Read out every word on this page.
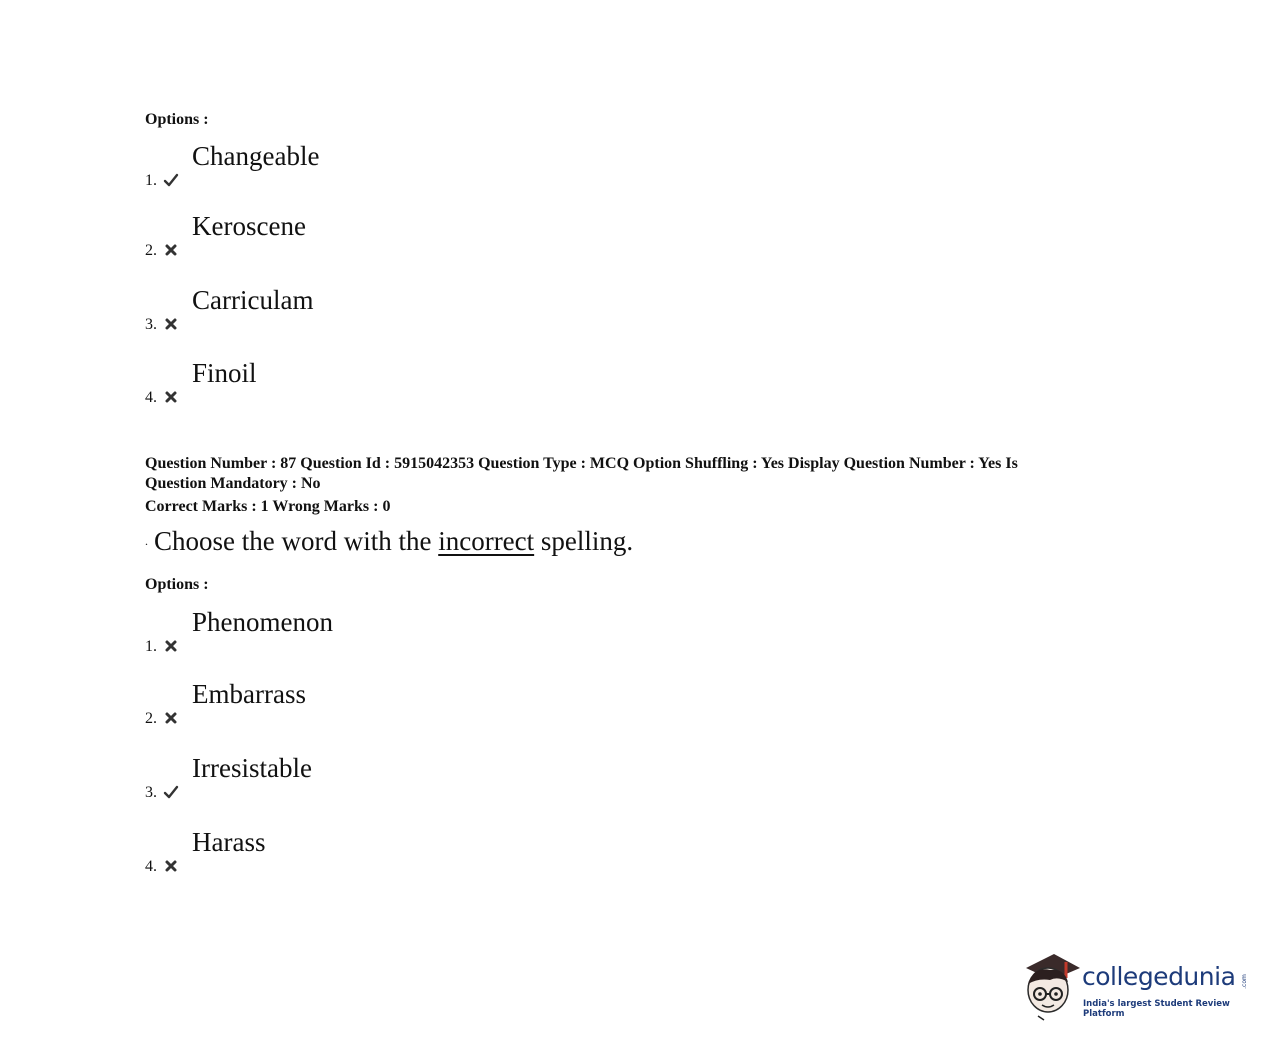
Options :
Changeable
1.
Keroscene
2.
Carriculam
3.
Finoil
4.
Question Number : 87 Question Id : 5915042353 Question Type : MCQ Option Shuffling : Yes Display Question Number : Yes Is
Question Mandatory : No
Correct Marks : 1 Wrong Marks : 0
. Choose the word with the incorrect spelling.
Options :
Phenomenon
1.
Embarrass
2.
Irresistable
3.
Harass
4.
collegedunia .com
India's largest Student Review Platform
